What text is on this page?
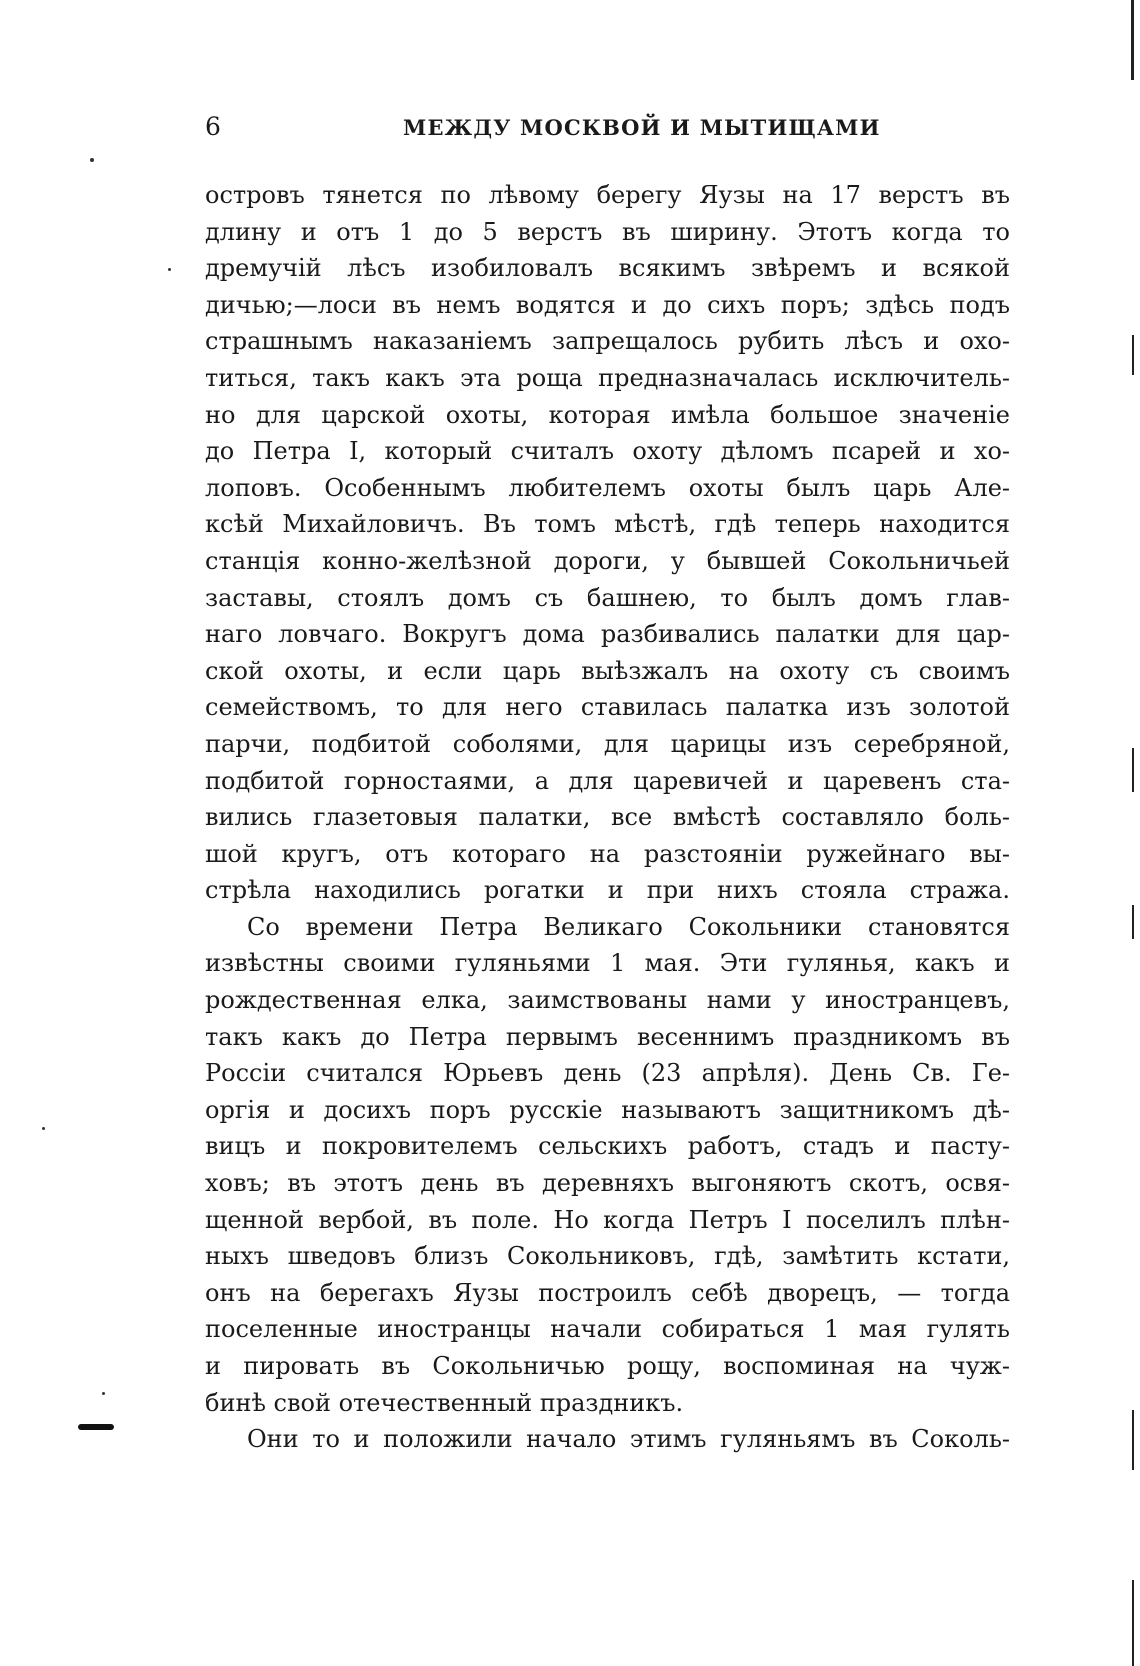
6	МЕЖДУ МОСКВОЙ И МЫТИЩАМИ
островъ тянется по лѣвому берегу Яузы на 17 верстъ въ
длину и отъ 1 до 5 верстъ въ ширину. Этотъ когда то
дремучій лѣсъ изобиловалъ всякимъ звѣремъ и всякой
дичью;—лоси въ немъ водятся и до сихъ поръ; здѣсь подъ
страшнымъ наказаніемъ запрещалось рубить лѣсъ и охо-
титься, такъ какъ эта роща предназначалась исключитель-
но для царской охоты, которая имѣла большое значеніе
до Петра I, который считалъ охоту дѣломъ псарей и хо-
лоповъ. Особеннымъ любителемъ охоты былъ царь Але-
ксѣй Михайловичъ. Въ томъ мѣстѣ, гдѣ теперь находится
станція конно-желѣзной дороги, у бывшей Сокольничьей
заставы, стоялъ домъ съ башнею, то былъ домъ глав-
наго ловчаго. Вокругъ дома разбивались палатки для цар-
ской охоты, и если царь выѣзжалъ на охоту съ своимъ
семействомъ, то для него ставилась палатка изъ золотой
парчи, подбитой соболями, для царицы изъ серебряной,
подбитой горностаями, а для царевичей и царевенъ ста-
вились глазетовыя палатки, все вмѣстѣ составляло боль-
шой кругъ, отъ котораго на разстояніи ружейнаго вы-
стрѣла находились рогатки и при нихъ стояла стража.
Со времени Петра Великаго Сокольники становятся
извѣстны своими гуляньями 1 мая. Эти гулянья, какъ и
рождественная елка, заимствованы нами у иностранцевъ,
такъ какъ до Петра первымъ весеннимъ праздникомъ въ
Россіи считался Юрьевъ день (23 апрѣля). День Св. Ге-
оргія и досихъ поръ русскіе называютъ защитникомъ дѣ-
вицъ и покровителемъ сельскихъ работъ, стадъ и пасту-
ховъ; въ этотъ день въ деревняхъ выгоняютъ скотъ, освя-
щенной вербой, въ поле. Но когда Петръ I поселилъ плѣн-
ныхъ шведовъ близъ Сокольниковъ, гдѣ, замѣтить кстати,
онъ на берегахъ Яузы построилъ себѣ дворецъ, — тогда
поселенные иностранцы начали собираться 1 мая гулять
и пировать въ Сокольничью рощу, воспоминая на чуж-
бинѣ свой отечественный праздникъ.
Они то и положили начало этимъ гуляньямъ въ Соколь-
